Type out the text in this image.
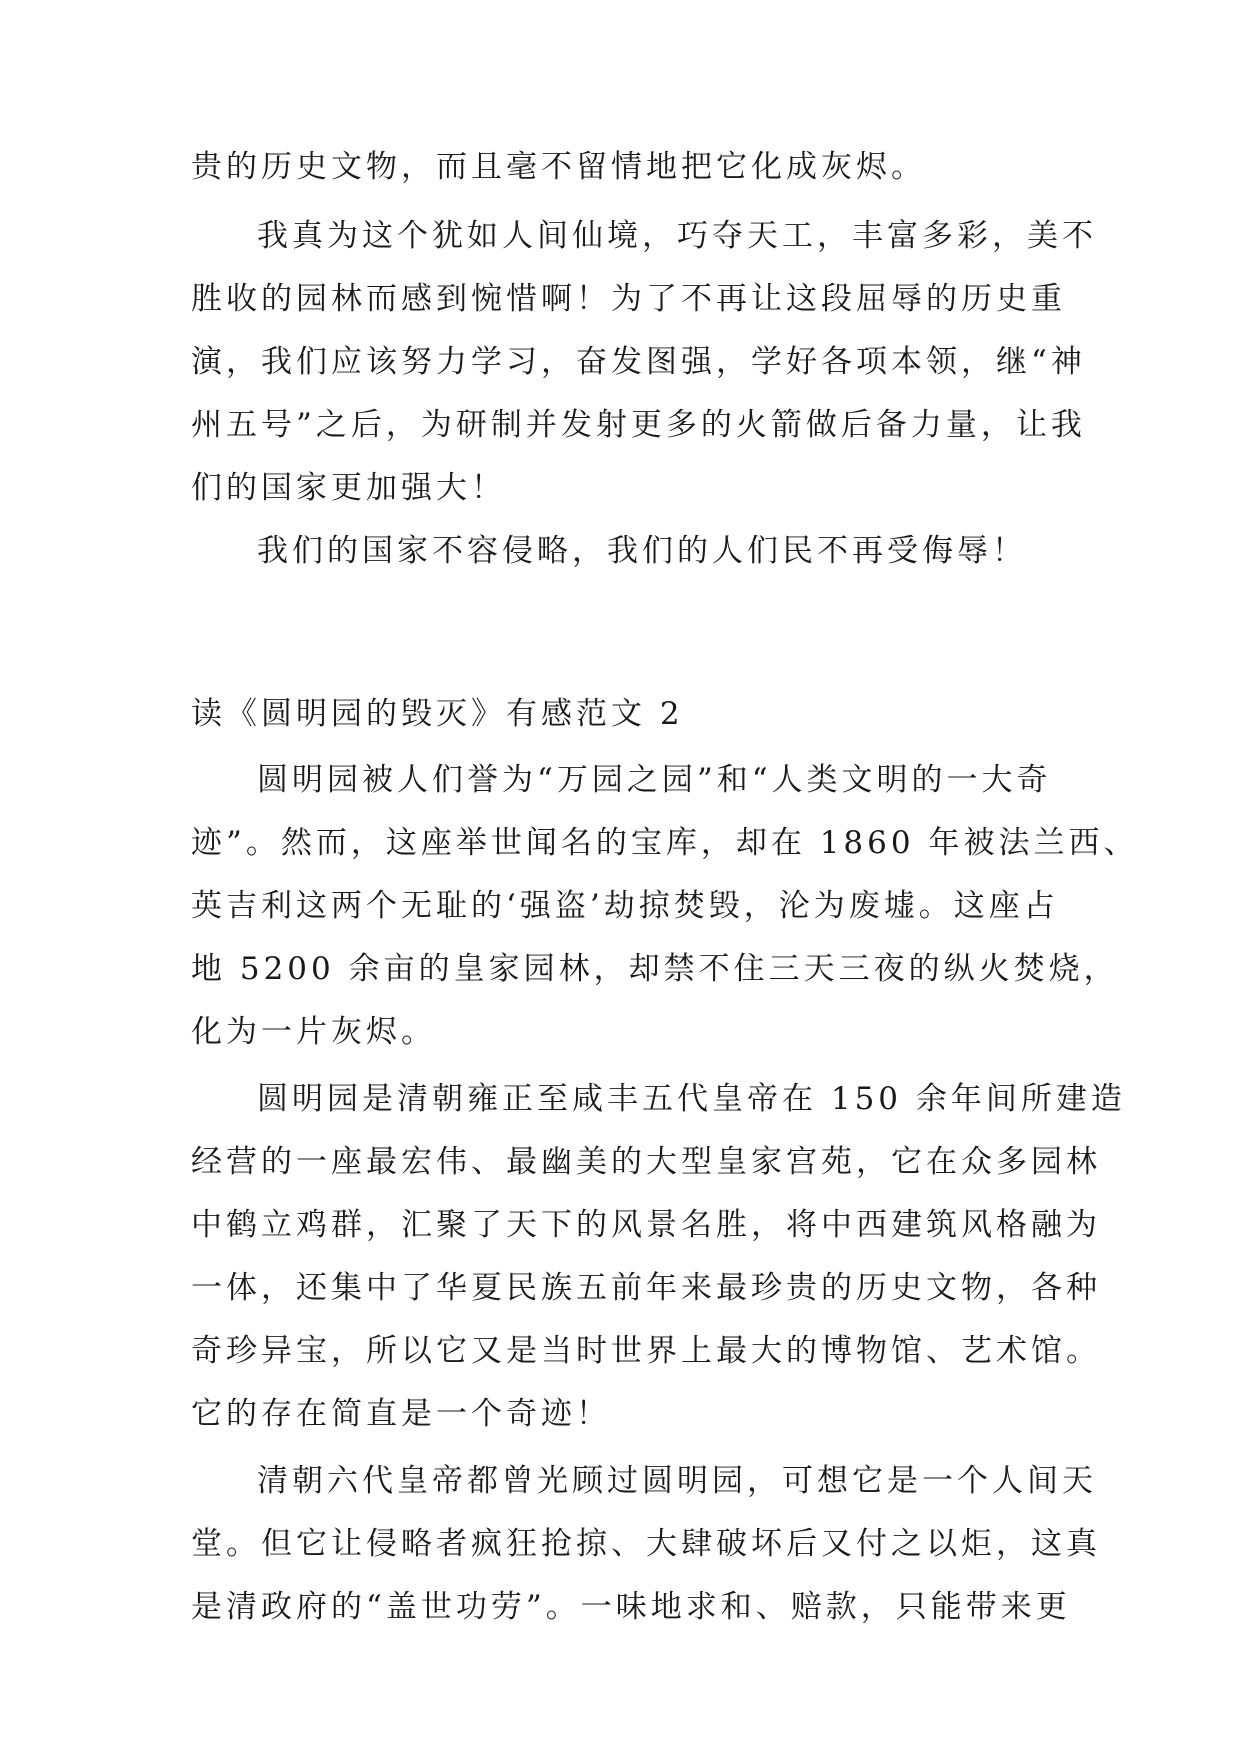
贵的历史文物，而且毫不留情地把它化成灰烬。
我真为这个犹如人间仙境，巧夺天工，丰富多彩，美不
胜收的园林而感到惋惜啊！为了不再让这段屈辱的历史重
演，我们应该努力学习，奋发图强，学好各项本领，继“神
州五号”之后，为研制并发射更多的火箭做后备力量，让我
们的国家更加强大！
我们的国家不容侵略，我们的人们民不再受侮辱！
读《圆明园的毁灭》有感范文 2
圆明园被人们誉为“万园之园”和“人类文明的一大奇
迹”。然而，这座举世闻名的宝库，却在 1860 年被法兰西、
英吉利这两个无耻的‘强盗’劫掠焚毁，沦为废墟。这座占
地 5200 余亩的皇家园林，却禁不住三天三夜的纵火焚烧，
化为一片灰烬。
圆明园是清朝雍正至咸丰五代皇帝在 150 余年间所建造
经营的一座最宏伟、最幽美的大型皇家宫苑，它在众多园林
中鹤立鸡群，汇聚了天下的风景名胜，将中西建筑风格融为
一体，还集中了华夏民族五前年来最珍贵的历史文物，各种
奇珍异宝，所以它又是当时世界上最大的博物馆、艺术馆。
它的存在简直是一个奇迹！
清朝六代皇帝都曾光顾过圆明园，可想它是一个人间天
堂。但它让侵略者疯狂抢掠、大肆破坏后又付之以炬，这真
是清政府的“盖世功劳”。一味地求和、赔款，只能带来更
